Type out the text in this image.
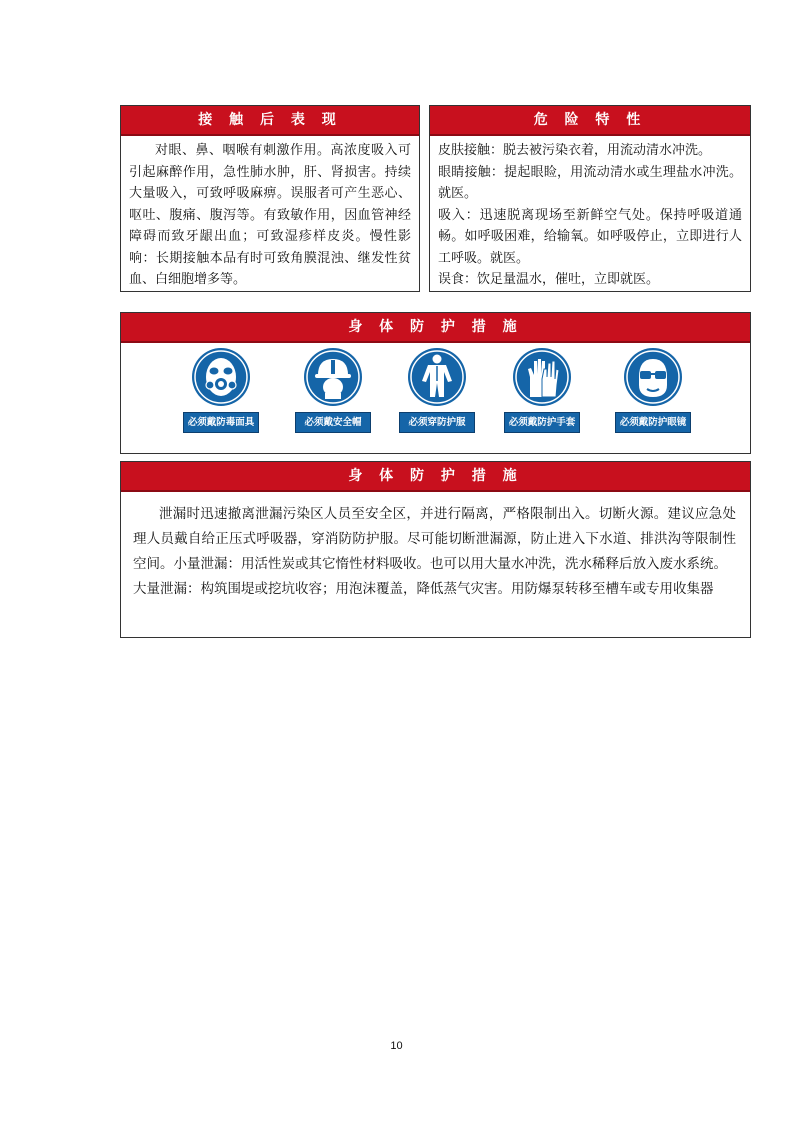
接 触 后 表 现

对眼、鼻、咽喉有刺激作用。高浓度吸入可引起麻醉作用，急性肺水肿，肝、肾损害。持续大量吸入，可致呼吸麻痹。误服者可产生恶心、呕吐、腹痛、腹泻等。有致敏作用，因血管神经障碍而致牙龈出血；可致湿疹样皮炎。慢性影响：长期接触本品有时可致角膜混浊、继发性贫血、白细胞增多等。

危 险 特 性

皮肤接触：脱去被污染衣着，用流动清水冲洗。

眼睛接触：提起眼睑，用流动清水或生理盐水冲洗。就医。

吸入：迅速脱离现场至新鲜空气处。保持呼吸道通畅。如呼吸困难，给输氧。如呼吸停止，立即进行人工呼吸。就医。

误食：饮足量温水，催吐，立即就医。

身 体 防 护 措 施
必须戴防毒面具	必须戴安全帽	必须穿防护服	必须戴防护手套	必须戴防护眼镜
身 体 防 护 措 施

泄漏时迅速撤离泄漏污染区人员至安全区，并进行隔离，严格限制出入。切断火源。建议应急处理人员戴自给正压式呼吸器，穿消防防护服。尽可能切断泄漏源，防止进入下水道、排洪沟等限制性空间。小量泄漏：用活性炭或其它惰性材料吸收。也可以用大量水冲洗，洗水稀释后放入废水系统。

大量泄漏：构筑围堤或挖坑收容；用泡沫覆盖，降低蒸气灾害。用防爆泵转移至槽车或专用收集器

10
